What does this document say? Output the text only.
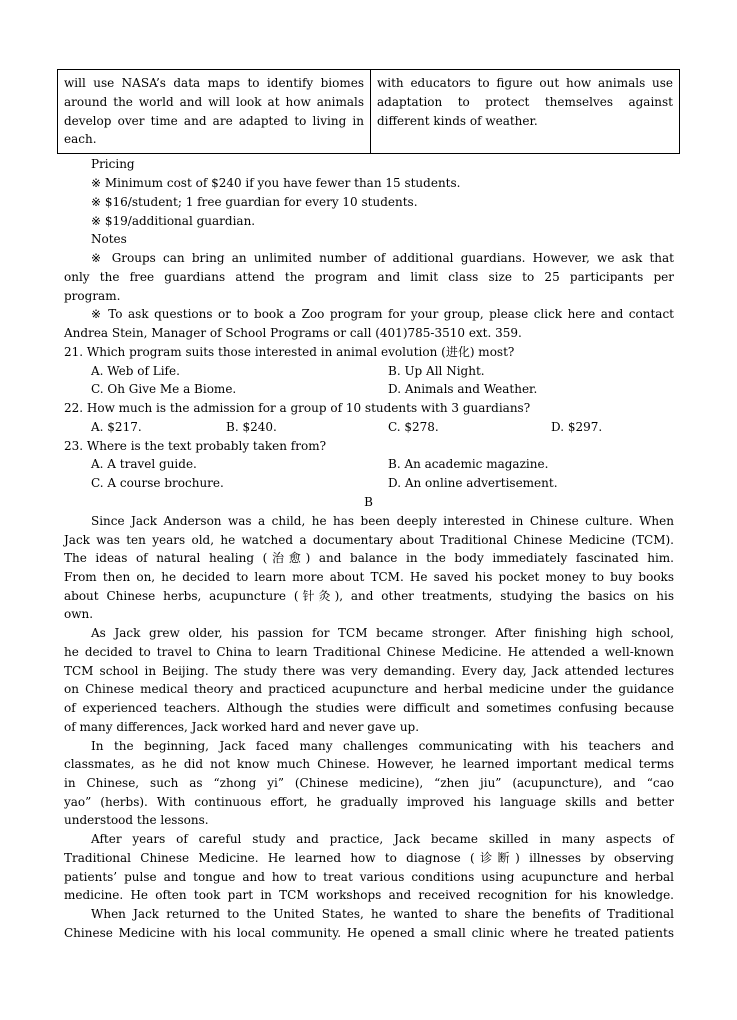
will use NASA’s data maps to identify biomes around the world and will look at how animals develop over time and are adapted to living in each.	with educators to figure out how animals use adaptation to protect themselves against different kinds of weather.
Pricing
※ Minimum cost of $240 if you have fewer than 15 students.
※ $16/student; 1 free guardian for every 10 students.
※ $19/additional guardian.
Notes
※ Groups can bring an unlimited number of additional guardians. However, we ask that
only the free guardians attend the program and limit class size to 25 participants per
program.
※ To ask questions or to book a Zoo program for your group, please click here and contact
Andrea Stein, Manager of School Programs or call (401)785-3510 ext. 359.
21. Which program suits those interested in animal evolution (进化) most?
A. Web of Life.	B. Up All Night.
C. Oh Give Me a Biome.	D. Animals and Weather.
22. How much is the admission for a group of 10 students with 3 guardians?
A. $217.	B. $240.	C. $278.	D. $297.
23. Where is the text probably taken from?
A. A travel guide.	B. An academic magazine.
C. A course brochure.	D. An online advertisement.
B
Since Jack Anderson was a child, he has been deeply interested in Chinese culture. When
Jack was ten years old, he watched a documentary about Traditional Chinese Medicine (TCM).
The ideas of natural healing (治愈) and balance in the body immediately fascinated him.
From then on, he decided to learn more about TCM. He saved his pocket money to buy books
about Chinese herbs, acupuncture (针灸), and other treatments, studying the basics on his
own.
As Jack grew older, his passion for TCM became stronger. After finishing high school,
he decided to travel to China to learn Traditional Chinese Medicine. He attended a well-known
TCM school in Beijing. The study there was very demanding. Every day, Jack attended lectures
on Chinese medical theory and practiced acupuncture and herbal medicine under the guidance
of experienced teachers. Although the studies were difficult and sometimes confusing because
of many differences, Jack worked hard and never gave up.
In the beginning, Jack faced many challenges communicating with his teachers and
classmates, as he did not know much Chinese. However, he learned important medical terms
in Chinese, such as “zhong yi” (Chinese medicine), “zhen jiu” (acupuncture), and “cao
yao” (herbs). With continuous effort, he gradually improved his language skills and better
understood the lessons.
After years of careful study and practice, Jack became skilled in many aspects of
Traditional Chinese Medicine. He learned how to diagnose (诊断) illnesses by observing
patients’ pulse and tongue and how to treat various conditions using acupuncture and herbal
medicine. He often took part in TCM workshops and received recognition for his knowledge.
When Jack returned to the United States, he wanted to share the benefits of Traditional
Chinese Medicine with his local community. He opened a small clinic where he treated patients
